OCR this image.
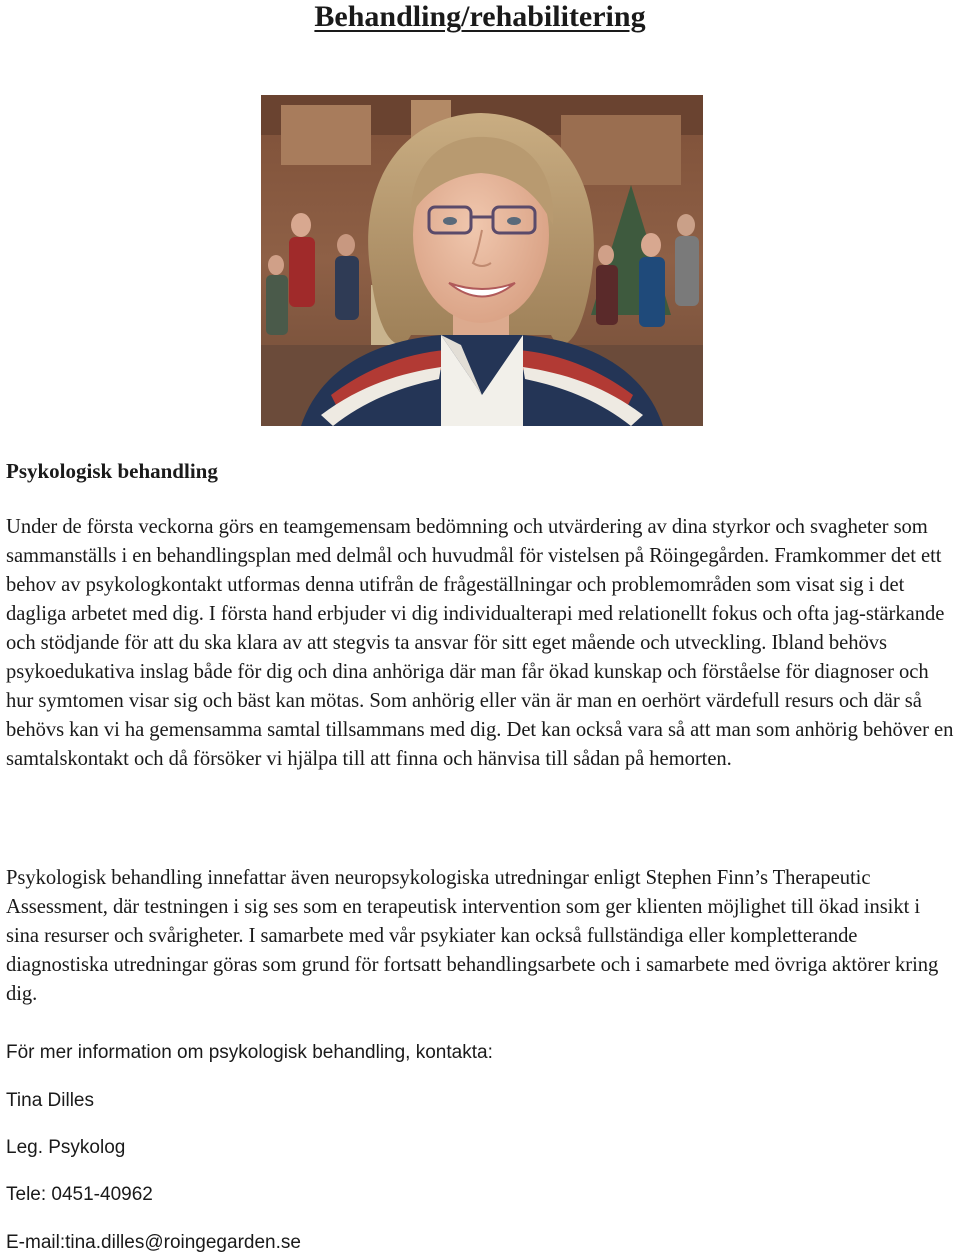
Behandling/rehabilitering
Psykologisk behandling

Under de första veckorna görs en teamgemensam bedömning och utvärdering av dina styrkor och svagheter som sammanställs i en behandlingsplan med delmål och huvudmål för vistelsen på Röingegården. Framkommer det ett behov av psykologkontakt utformas denna utifrån de frågeställningar och problemområden som visat sig i det dagliga arbetet med dig. I första hand erbjuder vi dig individualterapi med relationellt fokus och ofta jag-stärkande och stödjande för att du ska klara av att stegvis ta ansvar för sitt eget mående och utveckling. Ibland behövs psykoedukativa inslag både för dig och dina anhöriga där man får ökad kunskap och förståelse för diagnoser och hur symtomen visar sig och bäst kan mötas. Som anhörig eller vän är man en oerhört värdefull resurs och där så behövs kan vi ha gemensamma samtal tillsammans med dig. Det kan också vara så att man som anhörig behöver en samtalskontakt och då försöker vi hjälpa till att finna och hänvisa till sådan på hemorten.

Psykologisk behandling innefattar även neuropsykologiska utredningar enligt Stephen Finn’s Therapeutic Assessment, där testningen i sig ses som en terapeutisk intervention som ger klienten möjlighet till ökad insikt i sina resurser och svårigheter. I samarbete med vår psykiater kan också fullständiga eller kompletterande diagnostiska utredningar göras som grund för fortsatt behandlingsarbete och i samarbete med övriga aktörer kring dig.

För mer information om psykologisk behandling, kontakta:

Tina Dilles

Leg. Psykolog

Tele: 0451-40962

E-mail:tina.dilles@roingegarden.se
